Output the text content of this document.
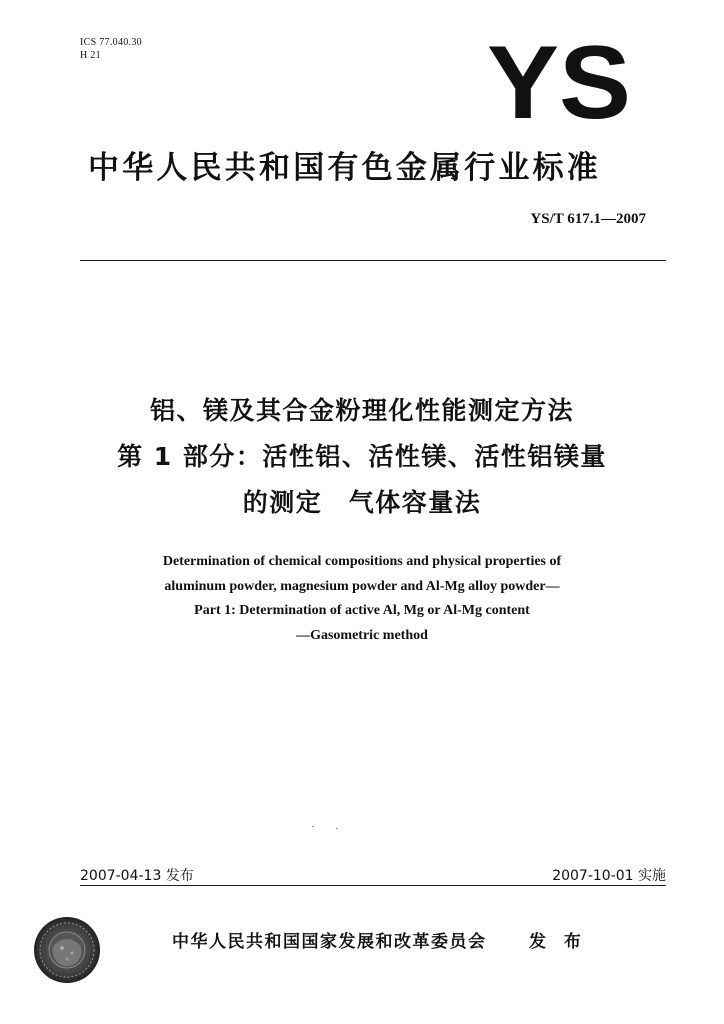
ICS 77.040.30
H 21	YS
中华人民共和国有色金属行业标准
YS/T 617.1—2007
铝、镁及其合金粉理化性能测定方法
第 1 部分：活性铝、活性镁、活性铝镁量
的测定　气体容量法
Determination of chemical compositions and physical properties of
aluminum powder, magnesium powder and Al-Mg alloy powder—
Part 1: Determination of active Al, Mg or Al-Mg content
—Gasometric method
2007-04-13 发布	2007-10-01 实施
中华人民共和国国家发展和改革委员会	发 布
